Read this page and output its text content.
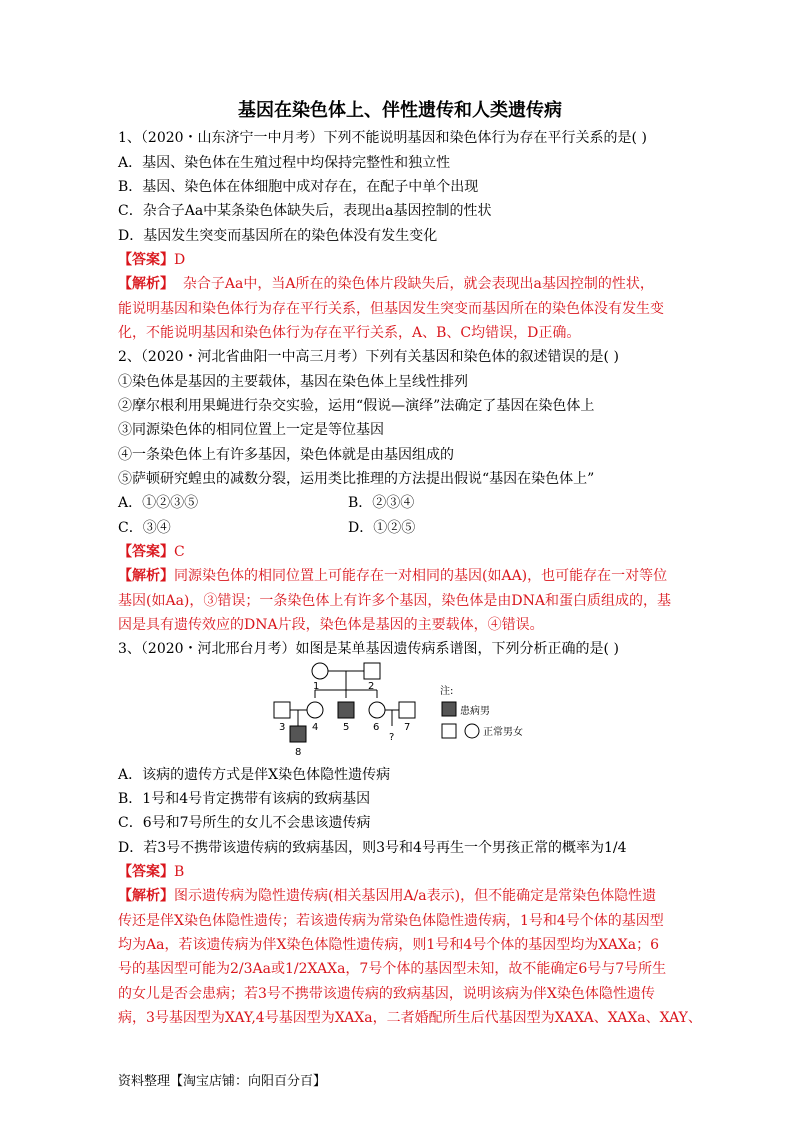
基因在染色体上、伴性遗传和人类遗传病
1、（2020・山东济宁一中月考）下列不能说明基因和染色体行为存在平行关系的是( )
A．基因、染色体在生殖过程中均保持完整性和独立性
B．基因、染色体在体细胞中成对存在，在配子中单个出现
C．杂合子Aa中某条染色体缺失后，表现出a基因控制的性状
D．基因发生突变而基因所在的染色体没有发生变化
【答案】D
【解析】  杂合子Aa中，当A所在的染色体片段缺失后，就会表现出a基因控制的性状，
能说明基因和染色体行为存在平行关系，但基因发生突变而基因所在的染色体没有发生变
化，不能说明基因和染色体行为存在平行关系，A、B、C均错误，D正确。
2、（2020・河北省曲阳一中高三月考）下列有关基因和染色体的叙述错误的是( )
①染色体是基因的主要载体，基因在染色体上呈线性排列
②摩尔根利用果蝇进行杂交实验，运用“假说—演绎”法确定了基因在染色体上
③同源染色体的相同位置上一定是等位基因
④一条染色体上有许多基因，染色体就是由基因组成的
⑤萨顿研究蝗虫的减数分裂，运用类比推理的方法提出假说“基因在染色体上”
A．①②③⑤	B．②③④
C．③④	D．①②⑤
【答案】C
【解析】同源染色体的相同位置上可能存在一对相同的基因(如AA)，也可能存在一对等位
基因(如Aa)，③错误；一条染色体上有许多个基因，染色体是由DNA和蛋白质组成的，基
因是具有遗传效应的DNA片段，染色体是基因的主要载体，④错误。
3、（2020・河北邢台月考）如图是某单基因遗传病系谱图，下列分析正确的是( )
1	2
3	4 5 6 7
8
?
注:
患病男
正常男女
A．该病的遗传方式是伴X染色体隐性遗传病
B．1号和4号肯定携带有该病的致病基因
C．6号和7号所生的女儿不会患该遗传病
D．若3号不携带该遗传病的致病基因，则3号和4号再生一个男孩正常的概率为1/4
【答案】B
【解析】图示遗传病为隐性遗传病(相关基因用A/a表示)，但不能确定是常染色体隐性遗
传还是伴X染色体隐性遗传；若该遗传病为常染色体隐性遗传病，1号和4号个体的基因型
均为Aa，若该遗传病为伴X染色体隐性遗传病，则1号和4号个体的基因型均为XAXa；6
号的基因型可能为2/3Aa或1/2XAXa，7号个体的基因型未知，故不能确定6号与7号所生
的女儿是否会患病；若3号不携带该遗传病的致病基因，说明该病为伴X染色体隐性遗传
病，3号基因型为XAY,4号基因型为XAXa，二者婚配所生后代基因型为XAXA、XAXa、XAY、
资料整理【淘宝店铺：向阳百分百】
